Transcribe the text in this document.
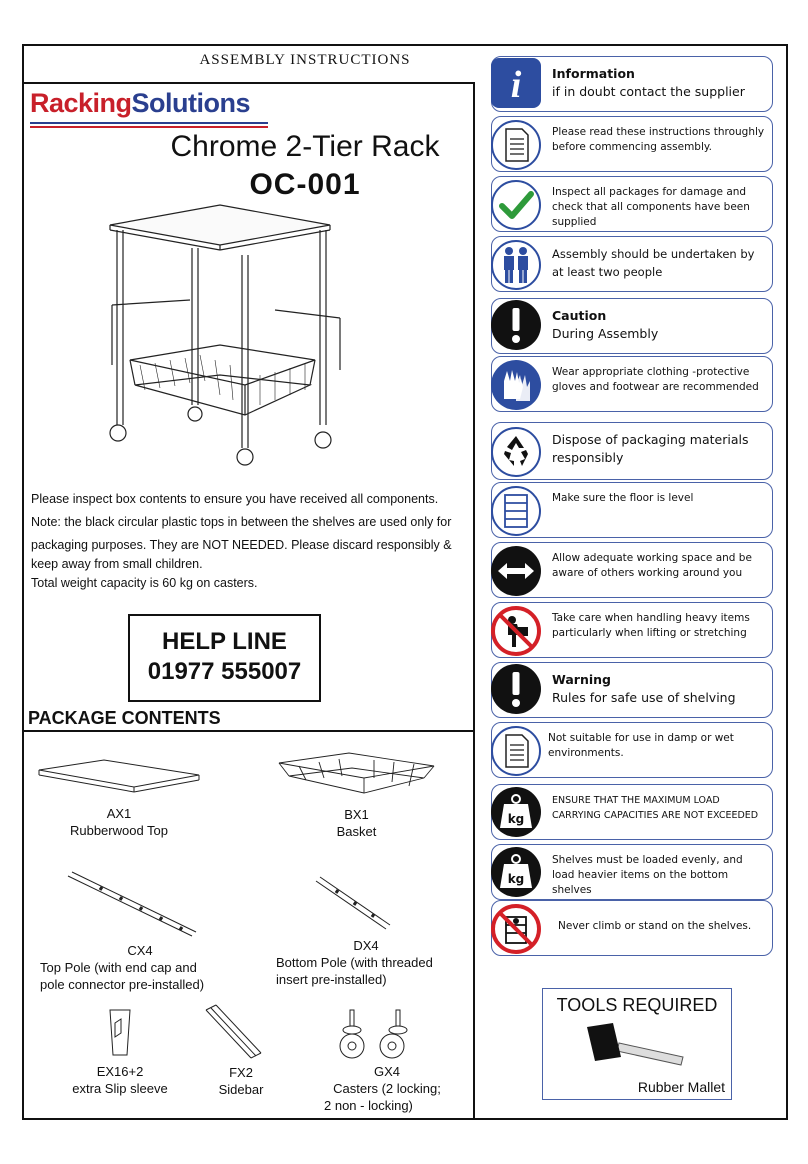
ASSEMBLY INSTRUCTIONS
RackingSolutions
Chrome 2-Tier Rack
OC-001

Please inspect box contents to ensure you have received all components.

Note: the black circular plastic tops in between the shelves are used only for

packaging purposes. They are NOT NEEDED. Please discard responsibly &

keep away from small children.

Total weight capacity is 60 kg on casters.

HELP LINE
01977 555007
PACKAGE CONTENTS
AX1
Rubberwood Top
BX1
Basket
CX4
Top Pole (with end cap and
pole connector pre-installed)
DX4
Bottom Pole (with threaded
insert pre-installed)
EX16+2
extra Slip sleeve
FX2
Sidebar
GX4
Casters (2 locking;
2 non - locking)
i Information
if in doubt contact the supplier
Please read these instructions throughly before commencing assembly.
Inspect all packages for damage and check that all components have been supplied
Assembly should be undertaken by at least two people
Caution
During Assembly
Wear appropriate clothing -protective gloves and footwear are recommended
Dispose of packaging materials responsibly
Make sure the floor is level
Allow adequate working space and be aware of others working around you
Take care when handling heavy items particularly when lifting or stretching
Warning
Rules for safe use of shelving
Not suitable for use in damp or wet environments.
kg
ENSURE THAT THE MAXIMUM LOAD CARRYING CAPACITIES ARE NOT EXCEEDED
kg
Shelves must be loaded evenly, and load heavier items on the bottom shelves
Never climb or stand on the shelves.
TOOLS REQUIRED
Rubber Mallet
